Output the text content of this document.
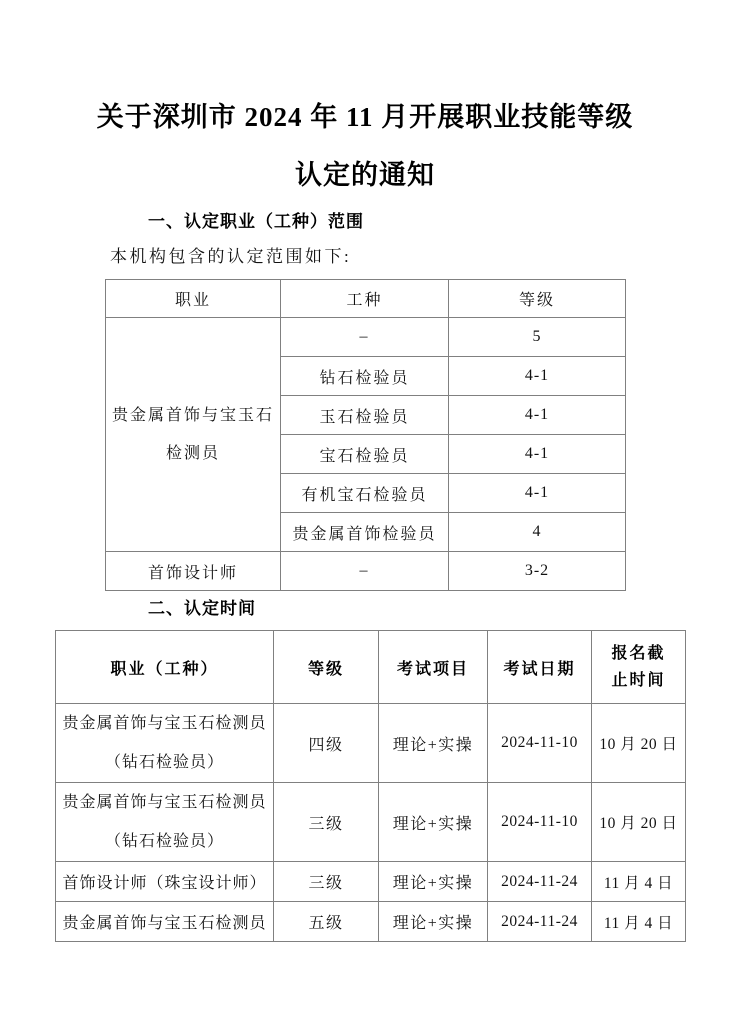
关于深圳市 2024 年 11 月开展职业技能等级
认定的通知
一、认定职业（工种）范围
本机构包含的认定范围如下:
职业	工种	等级

贵金属首饰与宝玉石
检测员	–	5
	钻石检验员	4-1
	玉石检验员	4-1
	宝石检验员	4-1
	有机宝石检验员	4-1
	贵金属首饰检验员	4
首饰设计师	–	3-2
二、认定时间
职业（工种）	等级	考试项目	考试日期	报名截
止时间

贵金属首饰与宝玉石检测员
（钻石检验员）	四级	理论+实操	2024-11-10	10 月 20 日

贵金属首饰与宝玉石检测员
（钻石检验员）	三级	理论+实操	2024-11-10	10 月 20 日
首饰设计师（珠宝设计师）	三级	理论+实操	2024-11-24	11 月 4 日
贵金属首饰与宝玉石检测员	五级	理论+实操	2024-11-24	11 月 4 日
